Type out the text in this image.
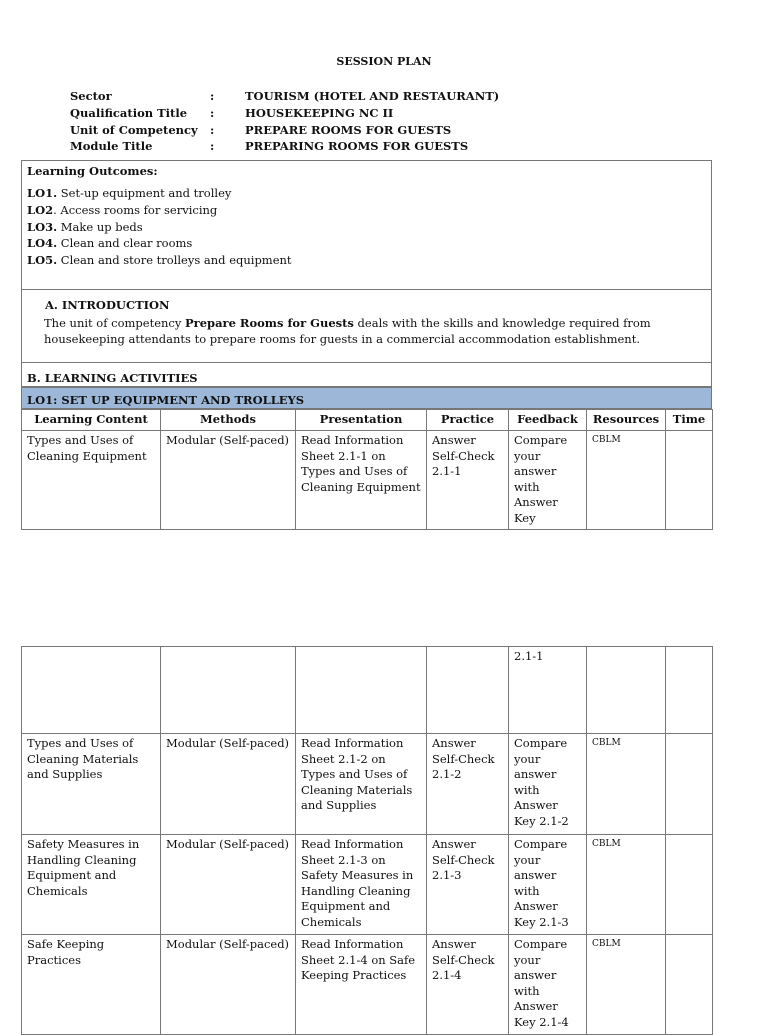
SESSION PLAN
Sector	:	TOURISM (HOTEL AND RESTAURANT)
Qualification Title	:	HOUSEKEEPING NC II
Unit of Competency	:	PREPARE ROOMS FOR GUESTS
Module Title	:	PREPARING ROOMS FOR GUESTS
Learning Outcomes:
LO1. Set-up equipment and trolley
LO2. Access rooms for servicing
LO3. Make up beds
LO4. Clean and clear rooms
LO5. Clean and store trolleys and equipment
A. INTRODUCTION

The unit of competency Prepare Rooms for Guests deals with the skills and knowledge required from housekeeping attendants to prepare rooms for guests in a commercial accommodation establishment.

B. LEARNING ACTIVITIES
LO1: SET UP EQUIPMENT AND TROLLEYS
Learning Content	Methods	Presentation	Practice	Feedback	Resources	Time
Types and Uses of Cleaning Equipment	Modular (Self-paced)	Read Information Sheet 2.1-1 on Types and Uses of Cleaning Equipment	Answer Self-Check 2.1-1	Compare your answer with Answer Key	CBLM	
				2.1-1		
Types and Uses of Cleaning Materials and Supplies	Modular (Self-paced)	Read Information Sheet 2.1-2 on Types and Uses of Cleaning Materials and Supplies	Answer Self-Check 2.1-2	Compare your answer with Answer Key 2.1-2	CBLM	
Safety Measures in Handling Cleaning Equipment and Chemicals	Modular (Self-paced)	Read Information Sheet 2.1-3 on Safety Measures in Handling Cleaning Equipment and Chemicals	Answer Self-Check 2.1-3	Compare your answer with Answer Key 2.1-3	CBLM	
Safe Keeping Practices	Modular (Self-paced)	Read Information Sheet 2.1-4 on Safe Keeping Practices	Answer Self-Check 2.1-4	Compare your answer with Answer Key 2.1-4	CBLM	
